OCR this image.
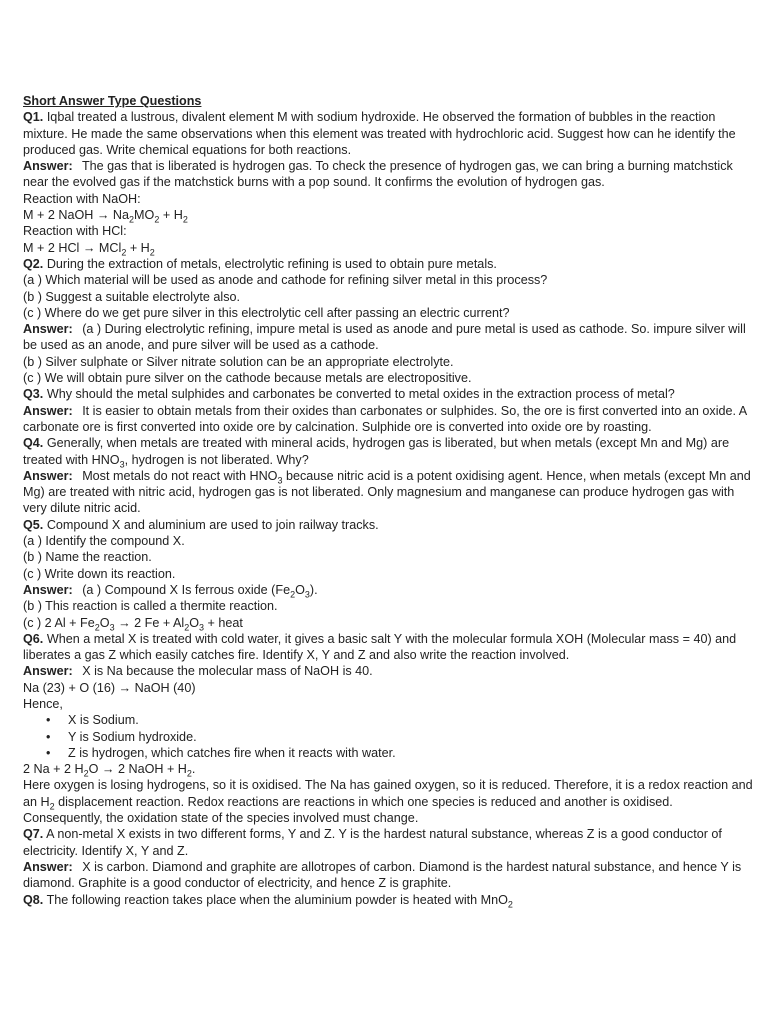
Short Answer Type Questions
Q1. Iqbal treated a lustrous, divalent element M with sodium hydroxide. He observed the formation of bubbles in the reaction mixture. He made the same observations when this element was treated with hydrochloric acid. Suggest how can he identify the produced gas. Write chemical equations for both reactions.
Answer: The gas that is liberated is hydrogen gas. To check the presence of hydrogen gas, we can bring a burning matchstick near the evolved gas if the matchstick burns with a pop sound. It confirms the evolution of hydrogen gas.
Reaction with NaOH:
M + 2 NaOH → $Na_2MO_2 + H_2$
Reaction with HCl:
M + 2 HCl → $MCl_2 + H_2$
Q2. During the extraction of metals, electrolytic refining is used to obtain pure metals.
(a ) Which material will be used as anode and cathode for refining silver metal in this process?
(b ) Suggest a suitable electrolyte also.
(c ) Where do we get pure silver in this electrolytic cell after passing an electric current?
Answer: (a ) During electrolytic refining, impure metal is used as anode and pure metal is used as cathode. So. impure silver will be used as an anode, and pure silver will be used as a cathode.
(b ) Silver sulphate or Silver nitrate solution can be an appropriate electrolyte.
(c ) We will obtain pure silver on the cathode because metals are electropositive.
Q3. Why should the metal sulphides and carbonates be converted to metal oxides in the extraction process of metal?
Answer: It is easier to obtain metals from their oxides than carbonates or sulphides. So, the ore is first converted into an oxide. A carbonate ore is first converted into oxide ore by calcination. Sulphide ore is converted into oxide ore by roasting.
Q4. Generally, when metals are treated with mineral acids, hydrogen gas is liberated, but when metals (except Mn and Mg) are treated with $HNO_3$, hydrogen is not liberated. Why?
Answer: Most metals do not react with $HNO_3$ because nitric acid is a potent oxidising agent. Hence, when metals (except Mn and Mg) are treated with nitric acid, hydrogen gas is not liberated. Only magnesium and manganese can produce hydrogen gas with very dilute nitric acid.
Q5. Compound X and aluminium are used to join railway tracks.
(a ) Identify the compound X.
(b ) Name the reaction.
(c ) Write down its reaction.
Answer: (a ) Compound X Is ferrous oxide $(Fe_2O_3)$.
(b ) This reaction is called a thermite reaction.
(c ) 2 $Al + Fe_2O_3 \to 2$ $Fe + Al_2O_3$ + heat
Q6. When a metal X is treated with cold water, it gives a basic salt Y with the molecular formula XOH (Molecular mass = 40) and liberates a gas Z which easily catches fire. Identify X, Y and Z and also write the reaction involved.
Answer: X is Na because the molecular mass of NaOH is 40.
Na (23) + O (16) → NaOH (40)
Hence,
• X is Sodium.
• Y is Sodium hydroxide.
• Z is hydrogen, which catches fire when it reacts with water.
2 Na + 2 $H_2O \to 2$ NaOH + $H_2$.
Here oxygen is losing hydrogens, so it is oxidised. The Na has gained oxygen, so it is reduced. Therefore, it is a redox reaction and an $H_2$ displacement reaction. Redox reactions are reactions in which one species is reduced and another is oxidised. Consequently, the oxidation state of the species involved must change.
Q7. A non-metal X exists in two different forms, Y and Z. Y is the hardest natural substance, whereas Z is a good conductor of electricity. Identify X, Y and Z.
Answer: X is carbon. Diamond and graphite are allotropes of carbon. Diamond is the hardest natural substance, and hence Y is diamond. Graphite is a good conductor of electricity, and hence Z is graphite.
Q8. The following reaction takes place when the aluminium powder is heated with MnO$_2$
